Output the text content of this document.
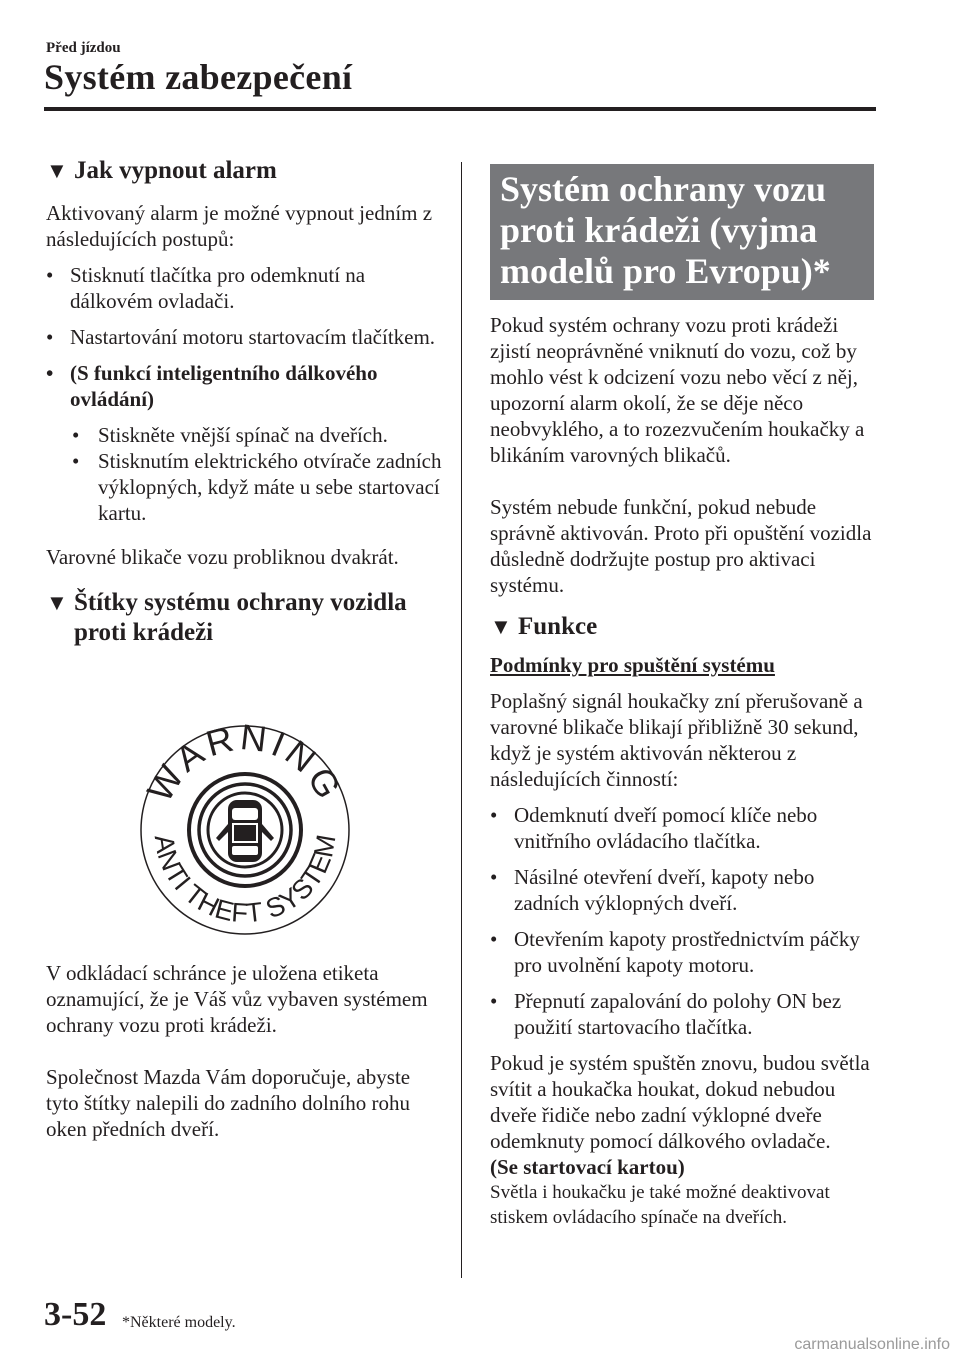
Před jízdou
Systém zabezpečení
▼ Jak vypnout alarm

Aktivovaný alarm je možné vypnout jedním z následujících postupů:

• Stisknutí tlačítka pro odemknutí na dálkovém ovladači.
• Nastartování motoru startovacím tlačítkem.
• (S funkcí inteligentního dálkového ovládání)
• Stiskněte vnější spínač na dveřích.
• Stisknutím elektrického otvírače zadních výklopných, když máte u sebe startovací kartu.

Varovné blikače vozu probliknou dvakrát.

▼ Štítky systému ochrany vozidla proti krádeži
WARNING
ANTI THEFT SYSTEM

V odkládací schránce je uložena etiketa oznamující, že je Váš vůz vybaven systémem ochrany vozu proti krádeži.

Společnost Mazda Vám doporučuje, abyste tyto štítky nalepili do zadního dolního rohu oken předních dveří.

Systém ochrany vozu proti krádeži (vyjma modelů pro Evropu)*

Pokud systém ochrany vozu proti krádeži zjistí neoprávněné vniknutí do vozu, což by mohlo vést k odcizení vozu nebo věcí z něj, upozorní alarm okolí, že se děje něco neobvyklého, a to rozezvučením houkačky a blikáním varovných blikačů.

Systém nebude funkční, pokud nebude správně aktivován. Proto při opuštění vozidla důsledně dodržujte postup pro aktivaci systému.

▼ Funkce
Podmínky pro spuštění systému

Poplašný signál houkačky zní přerušovaně a varovné blikače blikají přibližně 30 sekund, když je systém aktivován některou z následujících činností:

• Odemknutí dveří pomocí klíče nebo vnitřního ovládacího tlačítka.
• Násilné otevření dveří, kapoty nebo zadních výklopných dveří.
• Otevřením kapoty prostřednictvím páčky pro uvolnění kapoty motoru.
• Přepnutí zapalování do polohy ON bez použití startovacího tlačítka.

Pokud je systém spuštěn znovu, budou světla svítit a houkačka houkat, dokud nebudou dveře řidiče nebo zadní výklopné dveře odemknuty pomocí dálkového ovladače.

(Se startovací kartou)

Světla i houkačku je také možné deaktivovat stiskem ovládacího spínače na dveřích.

3-52 *Některé modely.
carmanualsonline.info
